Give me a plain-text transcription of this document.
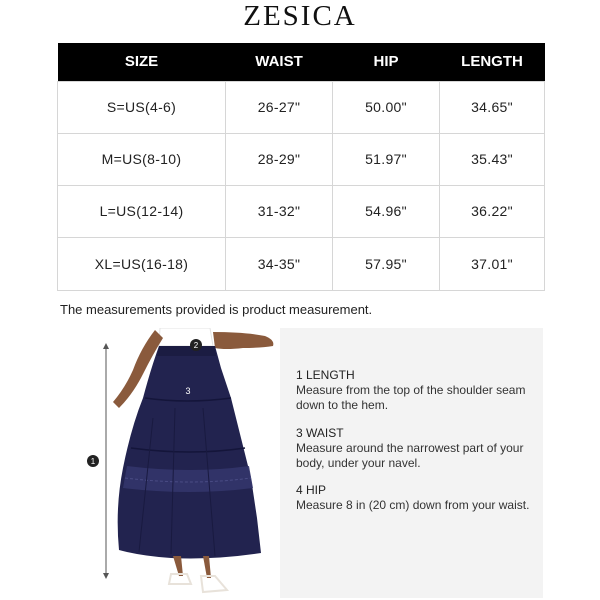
ZESICA
SIZE	WAIST	HIP	LENGTH
S=US(4-6)	26-27"	50.00"	34.65"
M=US(8-10)	28-29"	51.97"	35.43"
L=US(12-14)	31-32"	54.96"	36.22"
XL=US(16-18)	34-35"	57.95"	37.01"
The measurements provided is product measurement.
1
2
3
1 LENGTH
Measure from the top of the shoulder seam down to the hem.
3 WAIST
Measure around the narrowest part of your body, under your navel.
4 HIP
Measure 8 in (20 cm) down from your waist.
